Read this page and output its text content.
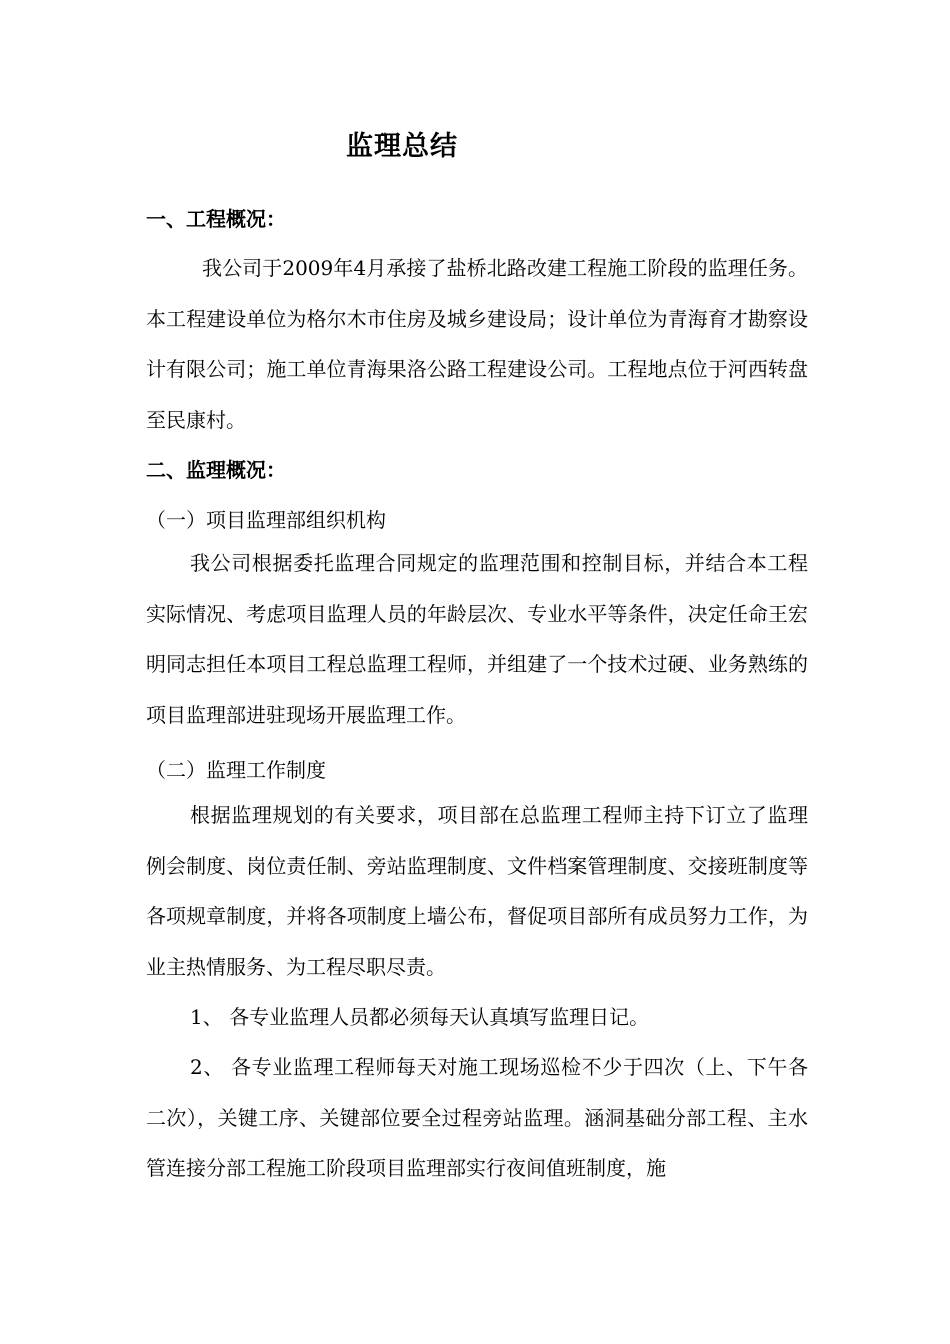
监理总结
一、工程概况：
我公司于2009年4月承接了盐桥北路改建工程施工阶段的监理任务。本工程建设单位为格尔木市住房及城乡建设局；设计单位为青海育才勘察设计有限公司；施工单位青海果洛公路工程建设公司。工程地点位于河西转盘至民康村。
二、监理概况：
（一）项目监理部组织机构
我公司根据委托监理合同规定的监理范围和控制目标，并结合本工程实际情况、考虑项目监理人员的年龄层次、专业水平等条件，决定任命王宏明同志担任本项目工程总监理工程师，并组建了一个技术过硬、业务熟练的项目监理部进驻现场开展监理工作。
（二）监理工作制度
根据监理规划的有关要求，项目部在总监理工程师主持下订立了监理例会制度、岗位责任制、旁站监理制度、文件档案管理制度、交接班制度等各项规章制度，并将各项制度上墙公布，督促项目部所有成员努力工作，为业主热情服务、为工程尽职尽责。
1、 各专业监理人员都必须每天认真填写监理日记。
2、 各专业监理工程师每天对施工现场巡检不少于四次（上、下午各二次），关键工序、关键部位要全过程旁站监理。涵洞基础分部工程、主水管连接分部工程施工阶段项目监理部实行夜间值班制度，施
